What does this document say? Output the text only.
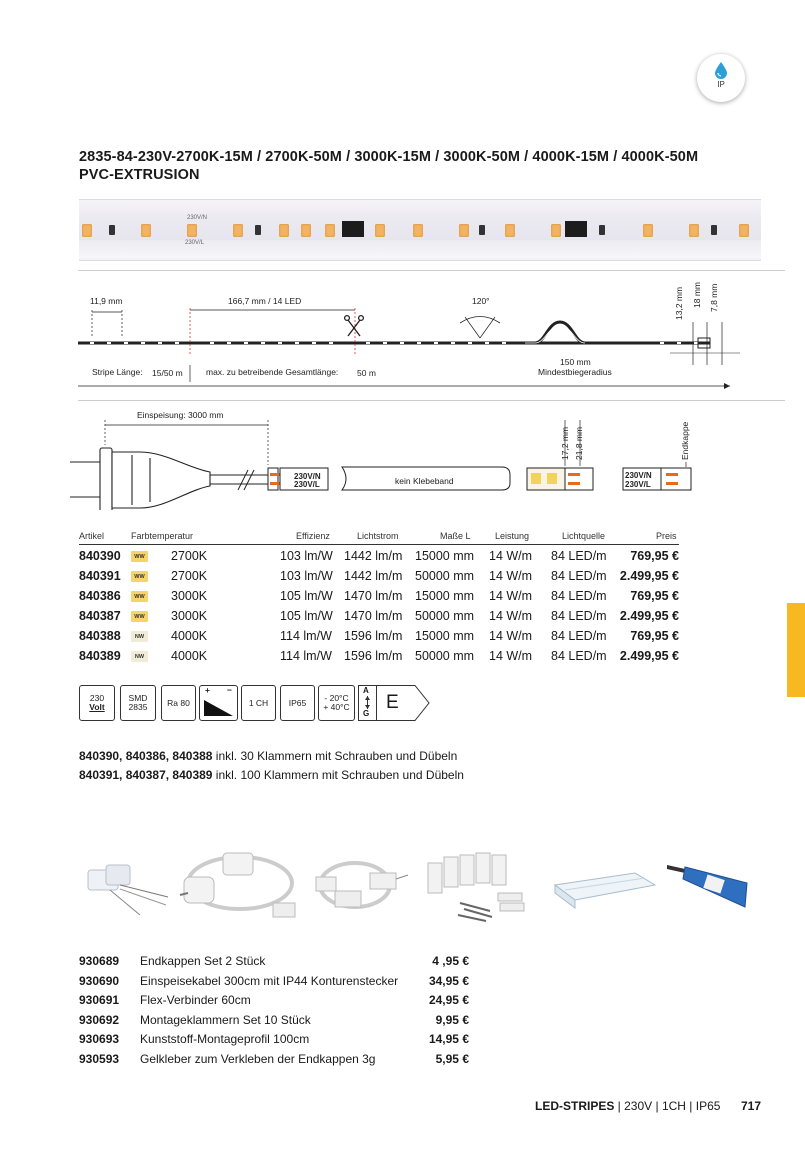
IP
2835-84-230V-2700K-15M / 2700K-50M / 3000K-15M / 3000K-50M / 4000K-15M / 4000K-50M
PVC-EXTRUSION
230V/N
230V/L
11,9 mm	166,7 mm / 14 LED	120°	13,2 mm 18 mm 7,8 mm
Stripe Länge: 15/50 m	max. zu betreibende Gesamtlänge: 50 m
150 mm
Mindestbiegeradius
Einspeisung: 3000 mm
230V/N
230V/L	kein Klebeband
17,2 mm 21,8 mm	Endkappe
230V/N
230V/L
Artikel	Farbtemperatur	Effizienz	Lichtstrom	Maße L	Leistung	Lichtquelle	Preis
840390	WW 2700K	103 lm/W 1442 lm/m 15000 mm 14 W/m 84 LED/m 769,95 €
840391	WW 2700K	103 lm/W 1442 lm/m 50000 mm 14 W/m 84 LED/m 2.499,95 €
840386	WW 3000K	105 lm/W 1470 lm/m 15000 mm 14 W/m 84 LED/m 769,95 €
840387	WW 3000K	105 lm/W 1470 lm/m 50000 mm 14 W/m 84 LED/m 2.499,95 €
840388	NW	4000K	114 lm/W 1596 lm/m 15000 mm 14 W/m 84 LED/m 769,95 €
840389	NW	4000K	114 lm/W 1596 lm/m 50000 mm 14 W/m 84 LED/m 2.499,95 €
230
Volt
SMD
2835 Ra 80
+ −
1 CH IP65 - 20°C
+ 40°C
A
G
E
840390, 840386, 840388 inkl. 30 Klammern mit Schrauben und Dübeln
840391, 840387, 840389 inkl. 100 Klammern mit Schrauben und Dübeln
930689 Endkappen Set 2 Stück	4 ,95 €
930690 Einspeisekabel 300cm mit IP44 Konturenstecker	34,95 €
930691 Flex-Verbinder 60cm	24,95 €
930692 Montageklammern Set 10 Stück	9,95 €
930693 Kunststoff-Montageprofil 100cm	14,95 €
930593 Gelkleber zum Verkleben der Endkappen 3g	5,95 €
LED-STRIPES | 230V | 1CH | IP65 717
